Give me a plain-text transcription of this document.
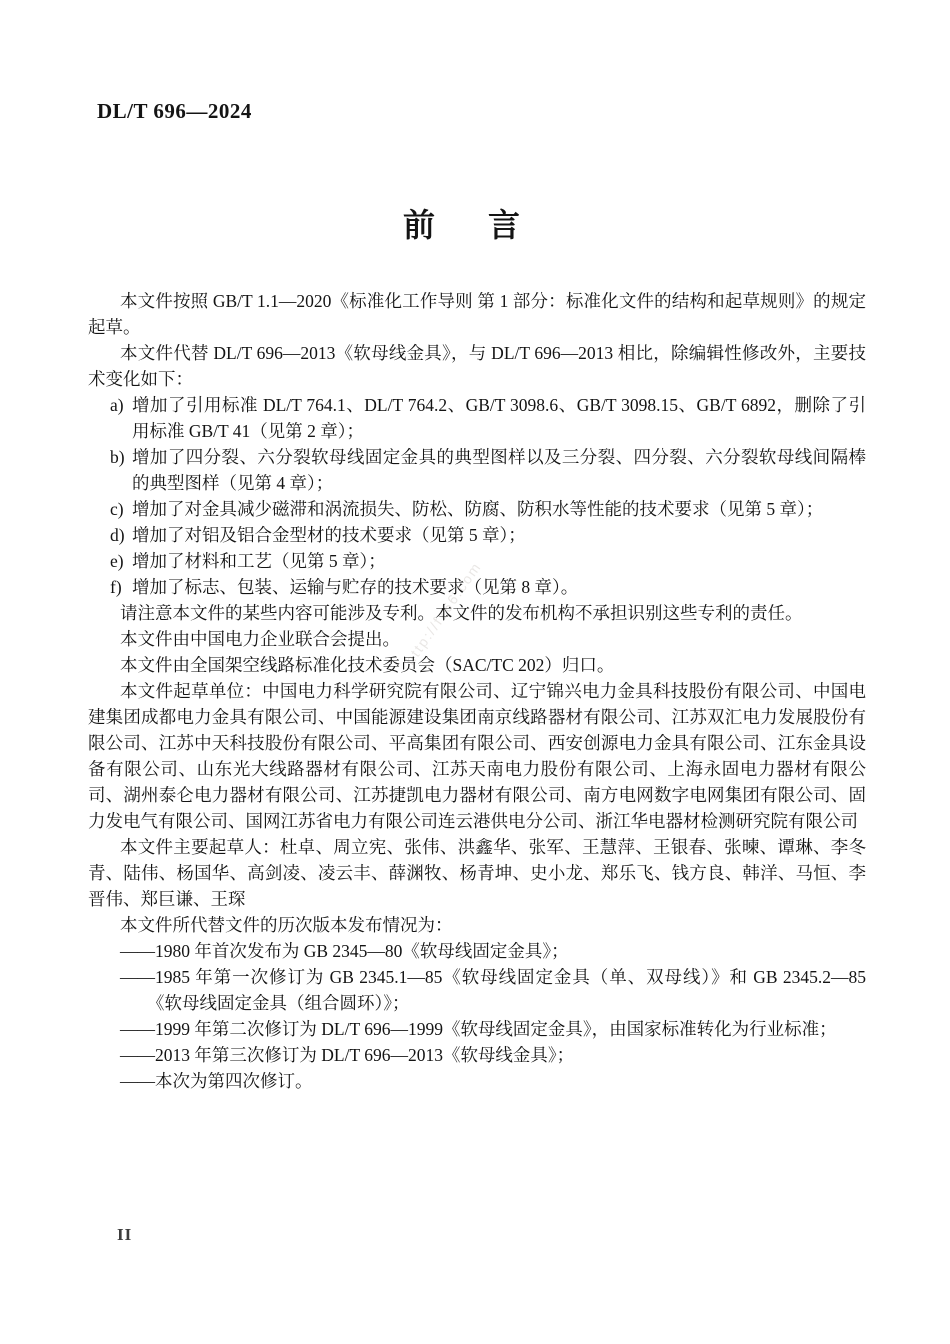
DL/T 696—2024
前 言
http://fz66.com

本文件按照 GB/T 1.1—2020《标准化工作导则 第 1 部分：标准化文件的结构和起草规则》的规定起草。

本文件代替 DL/T 696—2013《软母线金具》，与 DL/T 696—2013 相比，除编辑性修改外，主要技术变化如下：

a) 增加了引用标准 DL/T 764.1、DL/T 764.2、GB/T 3098.6、GB/T 3098.15、GB/T 6892，删除了引用标准 GB/T 41（见第 2 章）；
b) 增加了四分裂、六分裂软母线固定金具的典型图样以及三分裂、四分裂、六分裂软母线间隔棒的典型图样（见第 4 章）；
c) 增加了对金具减少磁滞和涡流损失、防松、防腐、防积水等性能的技术要求（见第 5 章）；
d) 增加了对铝及铝合金型材的技术要求（见第 5 章）；
e) 增加了材料和工艺（见第 5 章）；
f) 增加了标志、包装、运输与贮存的技术要求（见第 8 章）。

请注意本文件的某些内容可能涉及专利。本文件的发布机构不承担识别这些专利的责任。

本文件由中国电力企业联合会提出。

本文件由全国架空线路标准化技术委员会（SAC/TC 202）归口。

本文件起草单位：中国电力科学研究院有限公司、辽宁锦兴电力金具科技股份有限公司、中国电建集团成都电力金具有限公司、中国能源建设集团南京线路器材有限公司、江苏双汇电力发展股份有限公司、江苏中天科技股份有限公司、平高集团有限公司、西安创源电力金具有限公司、江东金具设备有限公司、山东光大线路器材有限公司、江苏天南电力股份有限公司、上海永固电力器材有限公司、湖州泰仑电力器材有限公司、江苏捷凯电力器材有限公司、南方电网数字电网集团有限公司、固力发电气有限公司、国网江苏省电力有限公司连云港供电分公司、浙江华电器材检测研究院有限公司

本文件主要起草人：杜卓、周立宪、张伟、洪鑫华、张军、王慧萍、王银春、张暕、谭琳、李冬青、陆伟、杨国华、高剑凌、凌云丰、薛渊牧、杨青坤、史小龙、郑乐飞、钱方良、韩洋、马恒、李晋伟、郑巨谦、王琛

本文件所代替文件的历次版本发布情况为：

——1980 年首次发布为 GB 2345—80《软母线固定金具》；
——1985 年第一次修订为 GB 2345.1—85《软母线固定金具（单、双母线）》和 GB 2345.2—85《软母线固定金具（组合圆环）》；
——1999 年第二次修订为 DL/T 696—1999《软母线固定金具》，由国家标准转化为行业标准；
——2013 年第三次修订为 DL/T 696—2013《软母线金具》；
——本次为第四次修订。
II
